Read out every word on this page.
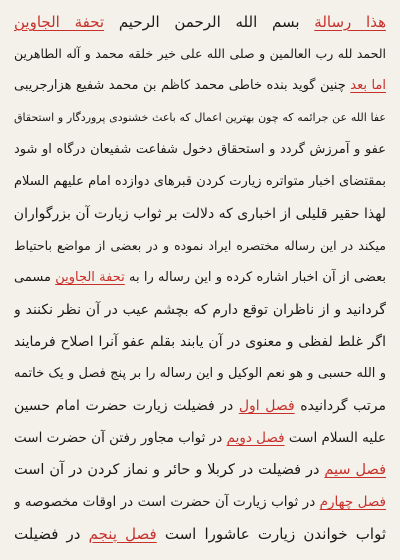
هذا رسالة بسم الله الرحمن الرحیم تحفة الجاوین
الحمد لله رب العالمین و صلی الله علی خیر خلقه محمد و آله الطاهرین
اما بعد چنین گوید بنده خاطی محمد کاظم بن محمد شفیع هزارجریبی
عفا الله عن جرائمه که چون بهترین اعمال که باعث خشنودی پروردگار و استحقاق
عفو و آمرزش گردد و استحقاق دخول شفاعت شفیعان درگاه او شود
بمقتضای اخبار متواتره زیارت کردن قبرهای دوازده امام علیهم السلام
لهذا حقیر قلیلی از اخباری که دلالت بر ثواب زیارت آن بزرگواران
میکند در این رساله مختصره ایراد نموده و در بعضی از مواضع باحتیاط
بعضی از آن اخبار اشاره کرده و این رساله را به تحفة الجاوین مسمی
گردانید و از ناظران توقع دارم که بچشم عیب در آن نظر نکنند و
اگر غلط لفظی و معنوی در آن یابند بقلم عفو آنرا اصلاح فرمایند
و الله حسبی و هو نعم الوکیل و این رساله را بر پنج فصل و یک خاتمه
مرتب گردانیده فصل اول در فضیلت زیارت حضرت امام حسین
علیه السلام است فصل دویم در ثواب مجاور رفتن آن حضرت است
فصل سیم در فضیلت در کربلا و حائر و نماز کردن در آن است
فصل چهارم در ثواب زیارت آن حضرت است در اوقات مخصوصه و
ثواب خواندن زیارت عاشورا است فصل پنجم در فضیلت
